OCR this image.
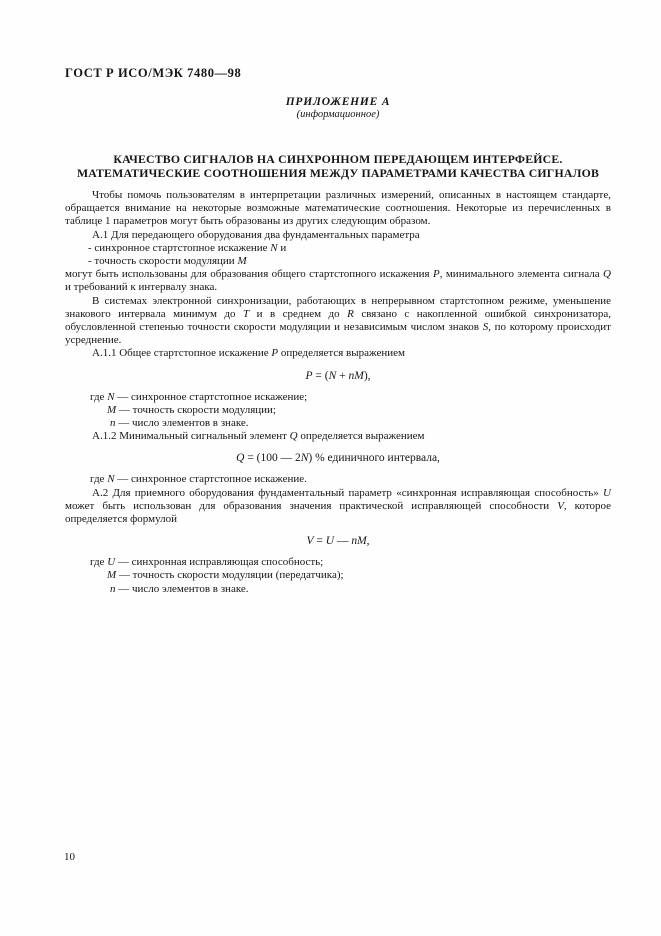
ГОСТ Р ИСО/МЭК 7480—98
ПРИЛОЖЕНИЕ А
(информационное)
КАЧЕСТВО СИГНАЛОВ НА СИНХРОННОМ ПЕРЕДАЮЩЕМ ИНТЕРФЕЙСЕ.
МАТЕМАТИЧЕСКИЕ СООТНОШЕНИЯ МЕЖДУ ПАРАМЕТРАМИ КАЧЕСТВА СИГНАЛОВ
Чтобы помочь пользователям в интерпретации различных измерений, описанных в настоящем стандарте, обращается внимание на некоторые возможные математические соотношения. Некоторые из перечисленных в таблице 1 параметров могут быть образованы из других следующим образом.
А.1 Для передающего оборудования два фундаментальных параметра
- синхронное стартстопное искажение N и
- точность скорости модуляции M
могут быть использованы для образования общего стартстопного искажения P, минимального элемента сигнала Q и требований к интервалу знака.
В системах электронной синхронизации, работающих в непрерывном стартстопном режиме, уменьшение знакового интервала минимум до T и в среднем до R связано с накопленной ошибкой синхронизатора, обусловленной степенью точности скорости модуляции и независимым числом знаков S, по которому происходит усреднение.
А.1.1 Общее стартстопное искажение P определяется выражением
P = (N + nM),
где N — синхронное стартстопное искажение;
M — точность скорости модуляции;
n — число элементов в знаке.
А.1.2 Минимальный сигнальный элемент Q определяется выражением
Q = (100 — 2N) % единичного интервала,
где N — синхронное стартстопное искажение.
А.2 Для приемного оборудования фундаментальный параметр «синхронная исправляющая способность» U может быть использован для образования значения практической исправляющей способности V, которое определяется формулой
V = U — nM,
где U — синхронная исправляющая способность;
M — точность скорости модуляции (передатчика);
n — число элементов в знаке.
10
